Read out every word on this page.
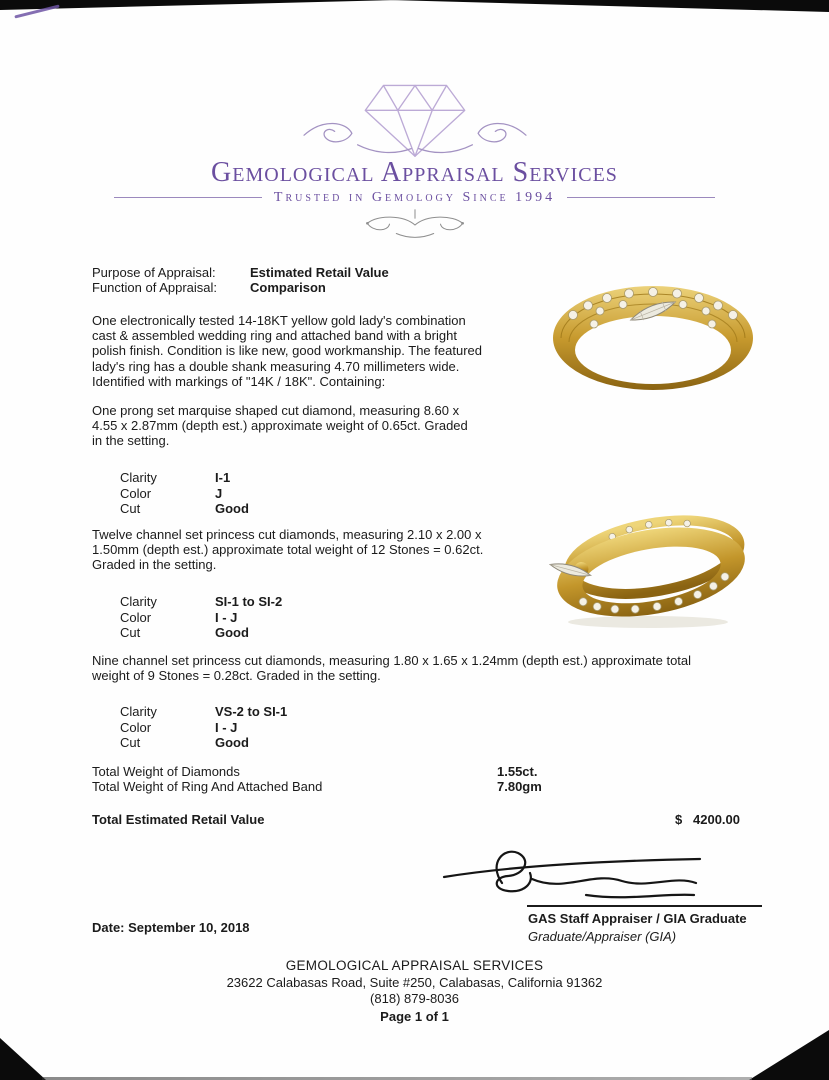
Gemological Appraisal Services
Trusted in Gemology Since 1994
Purpose of Appraisal:	Estimated Retail Value
Function of Appraisal:	Comparison

One electronically tested 14-18KT yellow gold lady's combination cast & assembled wedding ring and attached band with a bright polish finish. Condition is like new, good workmanship. The featured lady's ring has a double shank measuring 4.70 millimeters wide. Identified with markings of "14K / 18K". Containing:

One prong set marquise shaped cut diamond, measuring 8.60 x 4.55 x 2.87mm (depth est.) approximate weight of 0.65ct. Graded in the setting.

Clarity	I-1
Color	J
Cut	Good

Twelve channel set princess cut diamonds, measuring 2.10 x 2.00 x 1.50mm (depth est.) approximate total weight of 12 Stones = 0.62ct. Graded in the setting.

Clarity	SI-1 to SI-2
Color	I - J
Cut	Good

Nine channel set princess cut diamonds, measuring 1.80 x 1.65 x 1.24mm (depth est.) approximate total weight of 9 Stones = 0.28ct. Graded in the setting.

Clarity	VS-2 to SI-1
Color	I - J
Cut	Good
Total Weight of Diamonds	1.55ct.
Total Weight of Ring And Attached Band	7.80gm
Total Estimated Retail Value	$ 4200.00
GAS Staff Appraiser / GIA Graduate
Graduate/Appraiser (GIA)
Date: September 10, 2018
GEMOLOGICAL APPRAISAL SERVICES
23622 Calabasas Road, Suite #250, Calabasas, California 91362
(818) 879-8036
Page 1 of 1
